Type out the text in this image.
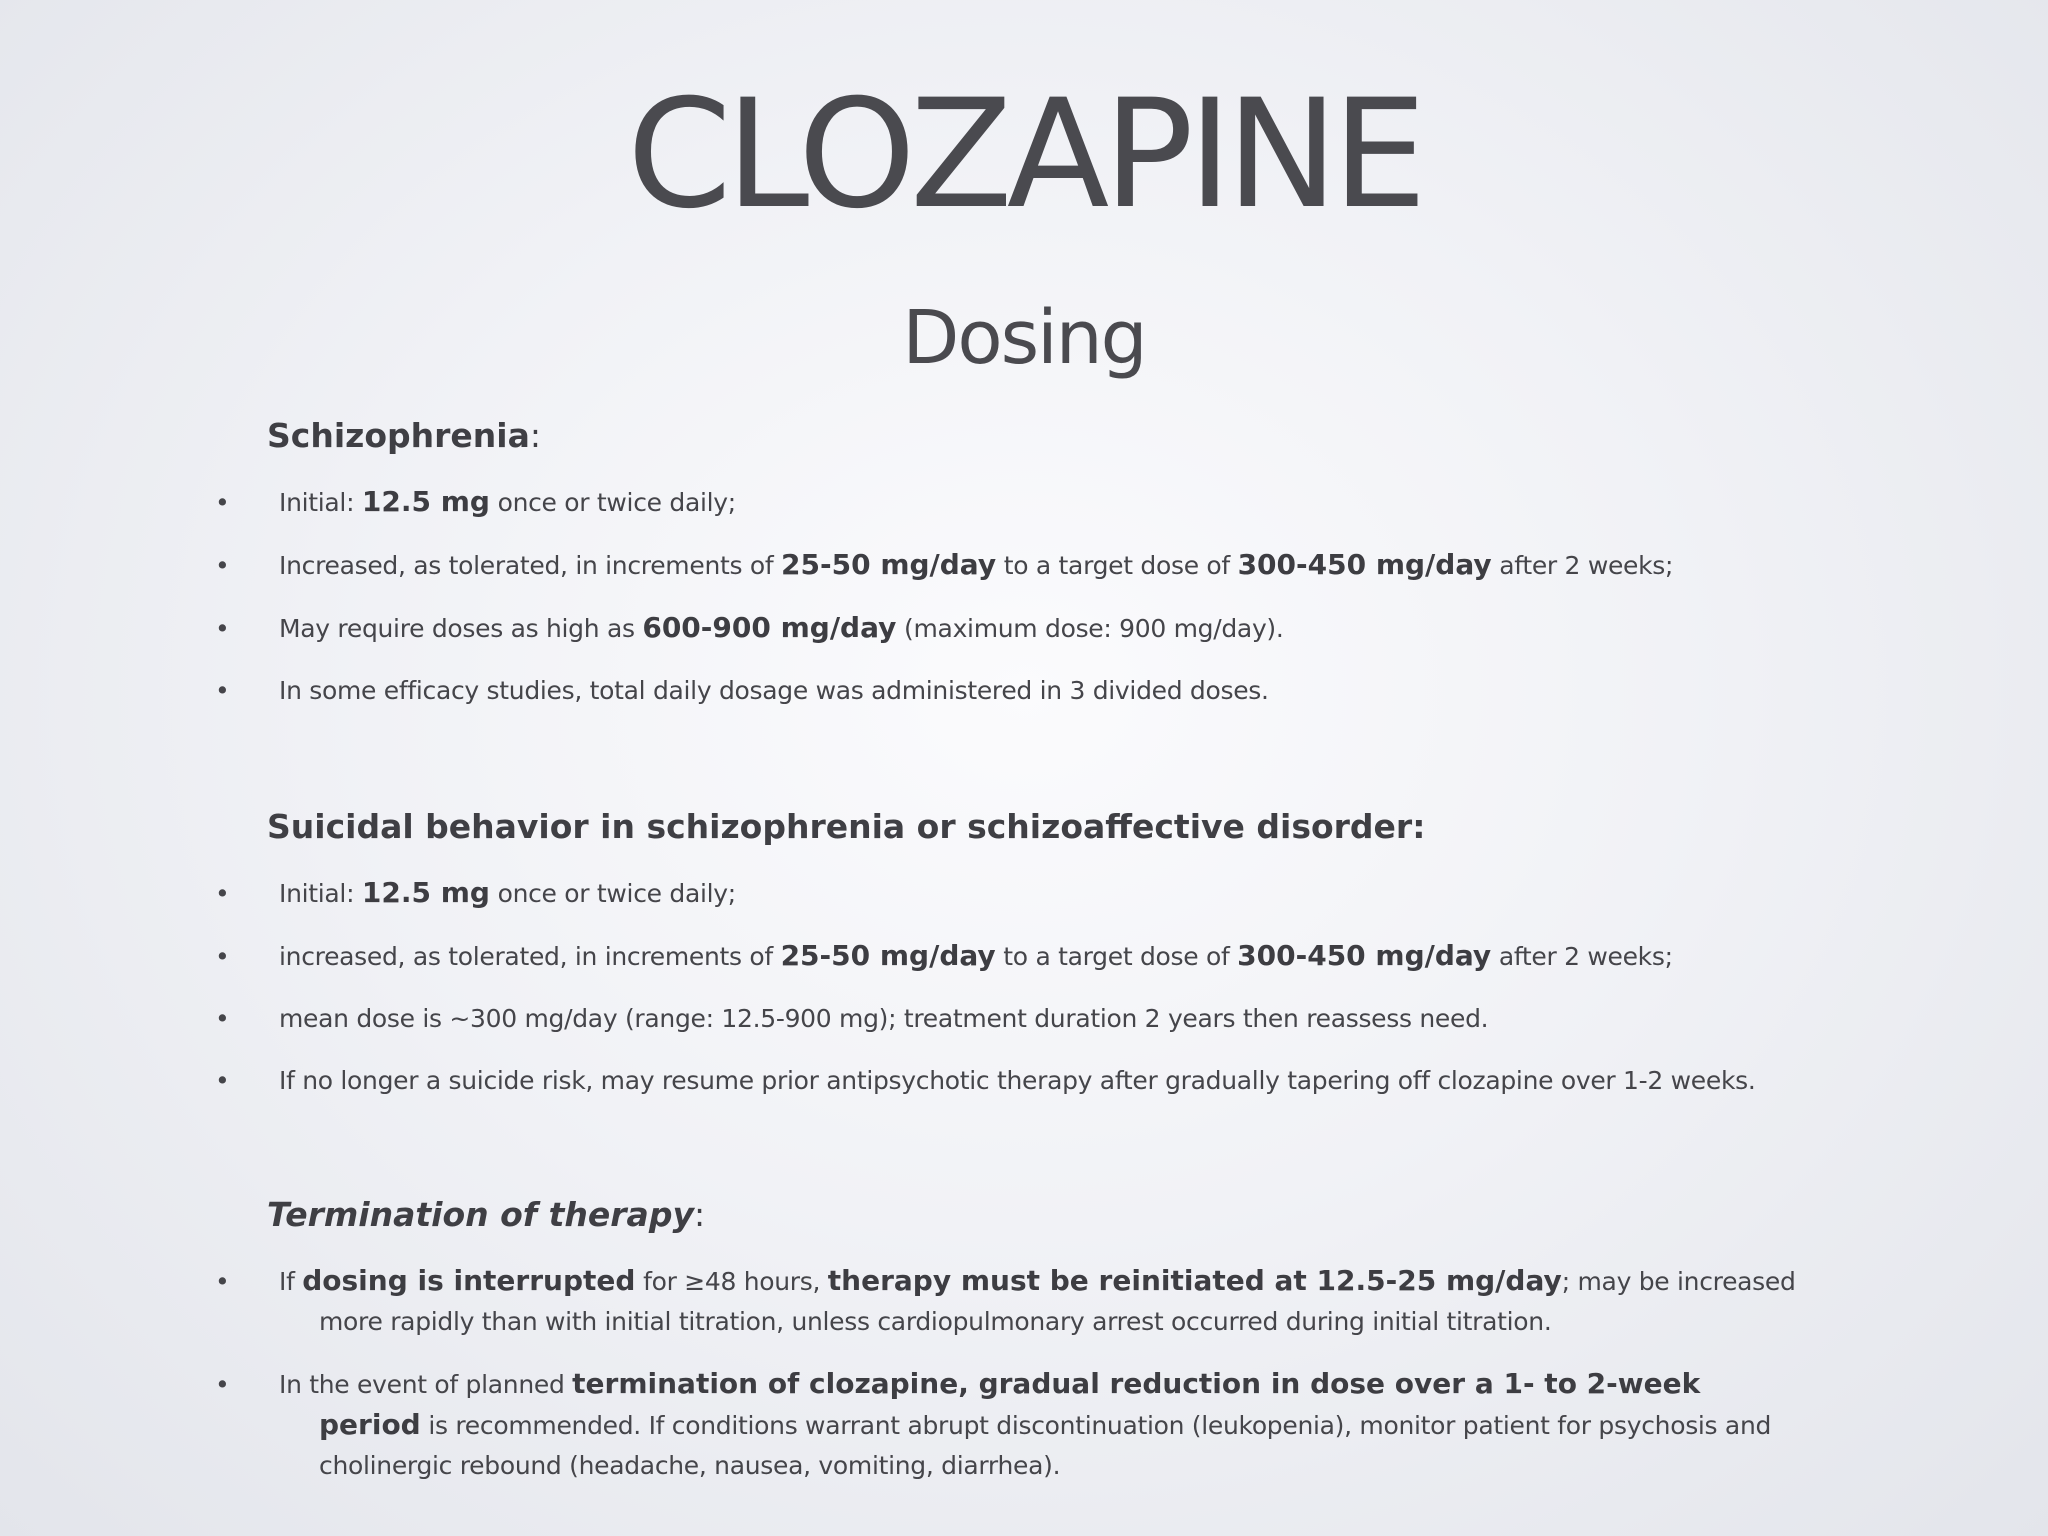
CLOZAPINE
Dosing
Schizophrenia:
• Initial: 12.5 mg once or twice daily;
• Increased, as tolerated, in increments of 25-50 mg/day to a target dose of 300-450 mg/day after 2 weeks;
• May require doses as high as 600-900 mg/day (maximum dose: 900 mg/day).
• In some efficacy studies, total daily dosage was administered in 3 divided doses.
Suicidal behavior in schizophrenia or schizoaffective disorder:
• Initial: 12.5 mg once or twice daily;
• increased, as tolerated, in increments of 25-50 mg/day to a target dose of 300-450 mg/day after 2 weeks;
• mean dose is ~300 mg/day (range: 12.5-900 mg); treatment duration 2 years then reassess need.
• If no longer a suicide risk, may resume prior antipsychotic therapy after gradually tapering off clozapine over 1-2 weeks.
Termination of therapy:
• If dosing is interrupted for ≥48 hours, therapy must be reinitiated at 12.5-25 mg/day; may be increased more rapidly than with initial titration, unless cardiopulmonary arrest occurred during initial titration.
• In the event of planned termination of clozapine, gradual reduction in dose over a 1- to 2-week period is recommended. If conditions warrant abrupt discontinuation (leukopenia), monitor patient for psychosis and cholinergic rebound (headache, nausea, vomiting, diarrhea).
